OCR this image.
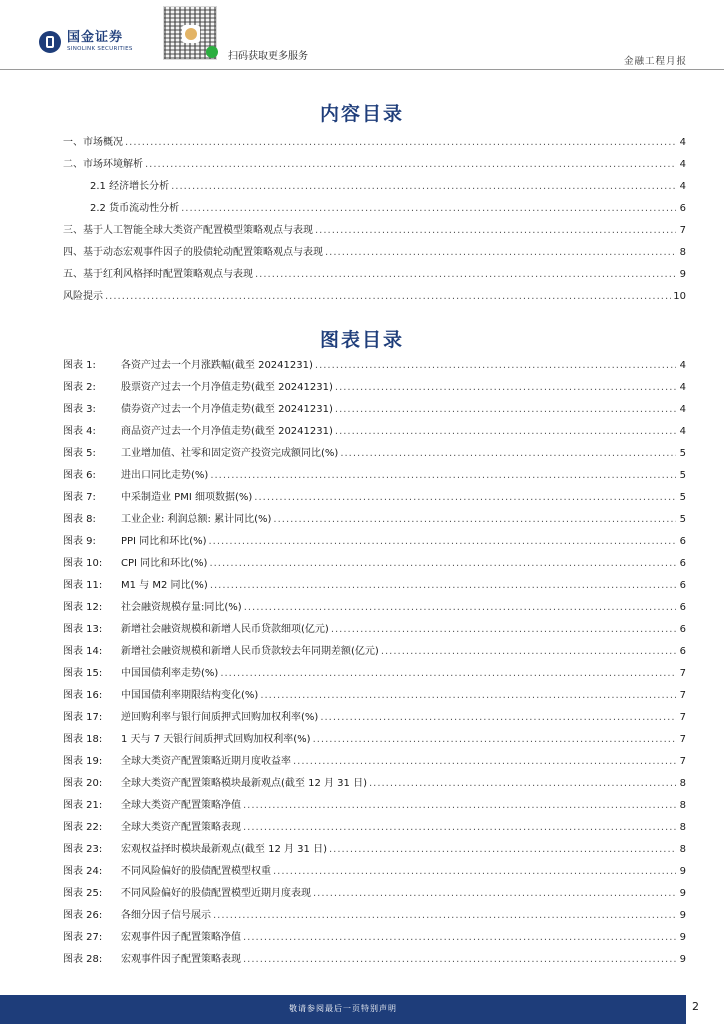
国金证券
SINOLINK SECURITIES
扫码获取更多服务	金融工程月报
内容目录
一、市场概况 .....	4
二、市场环境解析 .....	4
2.1 经济增长分析 .....	4
2.2 货币流动性分析 .....	6
三、基于人工智能全球大类资产配置模型策略观点与表现 .....	7
四、基于动态宏观事件因子的股债轮动配置策略观点与表现 .....	8
五、基于红利风格择时配置策略观点与表现 .....	9
风险提示 .....	10
图表目录
图表 1:	各资产过去一个月涨跌幅(截至 20241231) .....	4
图表 2:	股票资产过去一个月净值走势(截至 20241231) .....	4
图表 3:	债券资产过去一个月净值走势(截至 20241231) .....	4
图表 4:	商品资产过去一个月净值走势(截至 20241231) .....	4
图表 5:	工业增加值、社零和固定资产投资完成额同比(%) .....	5
图表 6:	进出口同比走势(%) .....	5
图表 7:	中采制造业 PMI 细项数据(%) .....	5
图表 8:	工业企业: 利润总额: 累计同比(%) .....	5
图表 9:	PPI 同比和环比(%) .....	6
图表 10: CPI 同比和环比(%) .....	6
图表 11: M1 与 M2 同比(%) .....	6
图表 12: 社会融资规模存量:同比(%) .....	6
图表 13: 新增社会融资规模和新增人民币贷款细项(亿元) .....	6
图表 14: 新增社会融资规模和新增人民币贷款较去年同期差额(亿元) .....	6
图表 15: 中国国债利率走势(%) .....	7
图表 16: 中国国债利率期限结构变化(%) .....	7
图表 17: 逆回购利率与银行间质押式回购加权利率(%) .....	7
图表 18: 1 天与 7 天银行间质押式回购加权利率(%) .....	7
图表 19: 全球大类资产配置策略近期月度收益率 .....	7
图表 20: 全球大类资产配置策略模块最新观点(截至 12 月 31 日) .....	8
图表 21: 全球大类资产配置策略净值 .....	8
图表 22: 全球大类资产配置策略表现 .....	8
图表 23: 宏观权益择时模块最新观点(截至 12 月 31 日) .....	8
图表 24: 不同风险偏好的股债配置模型权重 .....	9
图表 25: 不同风险偏好的股债配置模型近期月度表现 .....	9
图表 26: 各细分因子信号展示 .....	9
图表 27: 宏观事件因子配置策略净值 .....	9
图表 28: 宏观事件因子配置策略表现 .....	9
敬请参阅最后一页特别声明	2
